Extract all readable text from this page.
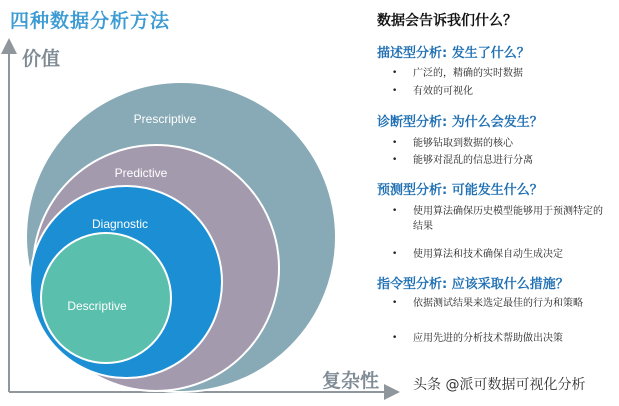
四种数据分析方法
价值
复杂性
Prescriptive
Predictive
Diagnostic
Descriptive
数据会告诉我们什么？
描述型分析: 发生了什么？
• 广泛的，精确的实时数据
• 有效的可视化
诊断型分析: 为什么会发生？
• 能够钻取到数据的核心
• 能够对混乱的信息进行分离
预测型分析: 可能发生什么？
• 使用算法确保历史模型能够用于预测特定的结果
• 使用算法和技术确保自动生成决定
指令型分析: 应该采取什么措施？
• 依据测试结果来选定最佳的行为和策略
• 应用先进的分析技术帮助做出决策
头条 @派可数据可视化分析
